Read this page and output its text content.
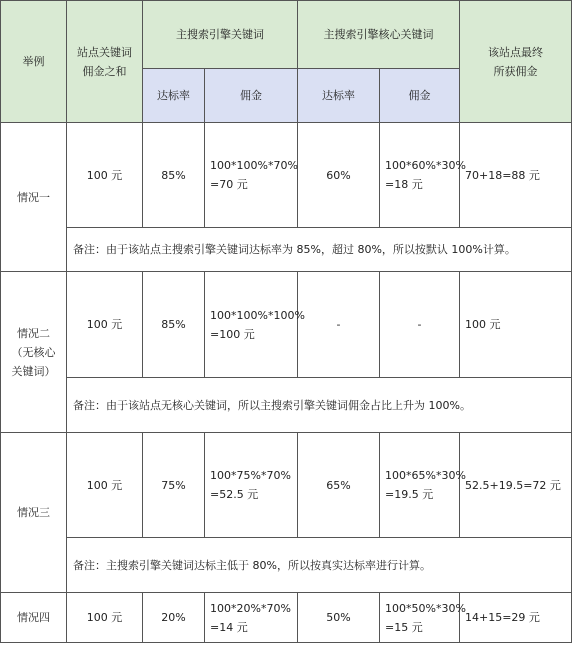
举例	站点关键词
佣金之和	主搜索引擎关键词		主搜索引擎核心关键词		该站点最终
所获佣金
		达标率	佣金	达标率	佣金	
情况一	100 元	85%	100*100%*70%
=70 元	60%	100*60%*30%
=18 元	70+18=88 元
	备注：由于该站点主搜索引擎关键词达标率为 85%，超过 80%，所以按默认 100%计算。					
情况二
（无核心
关键词）	100 元	85%	100*100%*100%
=100 元	-	-	100 元
	备注：由于该站点无核心关键词，所以主搜索引擎关键词佣金占比上升为 100%。					
情况三	100 元	75%	100*75%*70%
=52.5 元	65%	100*65%*30%
=19.5 元	52.5+19.5=72 元
	备注：主搜索引擎关键词达标主低于 80%，所以按真实达标率进行计算。					
情况四	100 元	20%	100*20%*70%
=14 元	50%	100*50%*30%
=15 元	14+15=29 元
